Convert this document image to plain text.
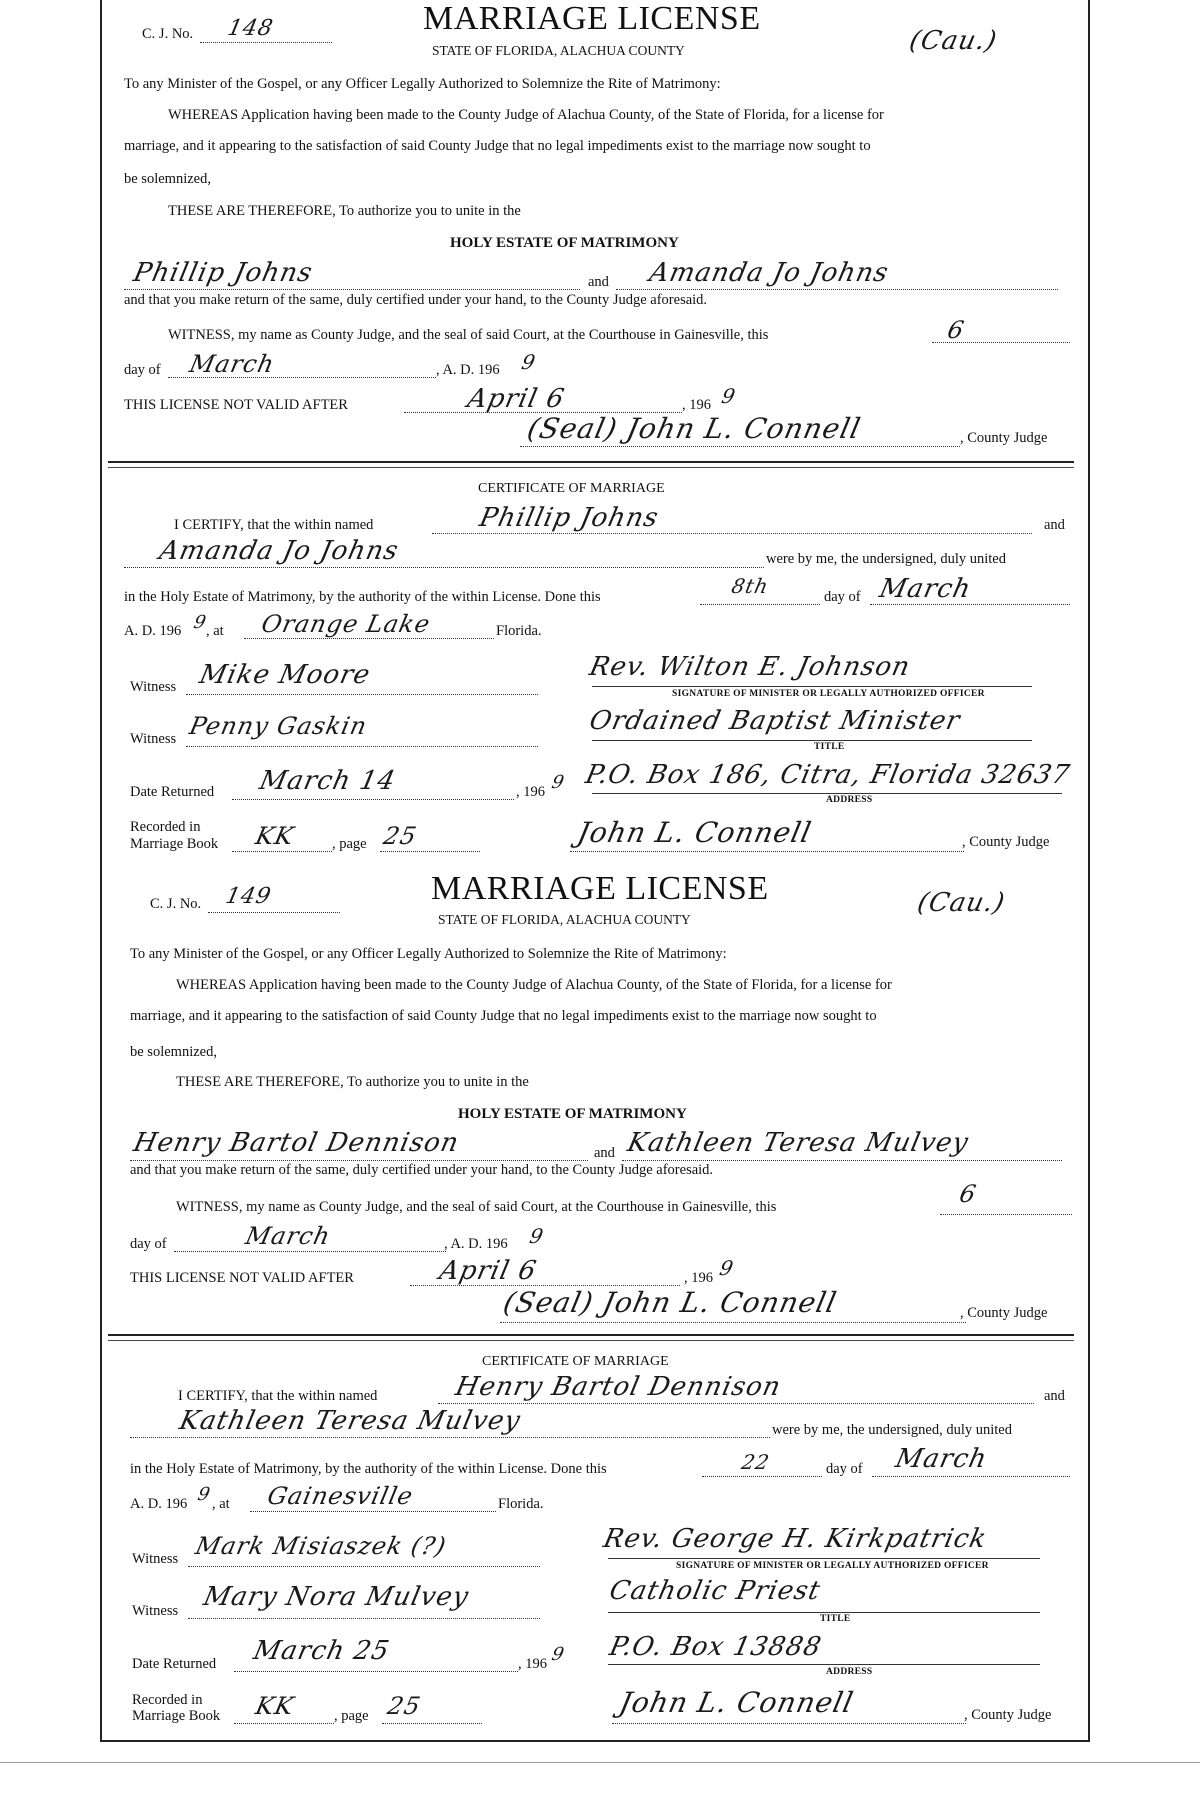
C. J. No. 148	MARRIAGE LICENSE
STATE OF FLORIDA, ALACHUA COUNTY	(Cau.)
To any Minister of the Gospel, or any Officer Legally Authorized to Solemnize the Rite of Matrimony:
WHEREAS Application having been made to the County Judge of Alachua County, of the State of Florida, for a license for
marriage, and it appearing to the satisfaction of said County Judge that no legal impediments exist to the marriage now sought to
be solemnized,
THESE ARE THEREFORE, To authorize you to unite in the
HOLY ESTATE OF MATRIMONY
Phillip Johns	and Amanda Jo Johns
and that you make return of the same, duly certified under your hand, to the County Judge aforesaid.
WITNESS, my name as County Judge, and the seal of said Court, at the Courthouse in Gainesville, this	6
day of March	, A. D. 196 9
THIS LICENSE NOT VALID AFTER	April 6	, 196 9
(Seal) John L. Connell	, County Judge
CERTIFICATE OF MARRIAGE
I CERTIFY, that the within named	Phillip Johns	and
Amanda Jo Johns	were by me, the undersigned, duly united
in the Holy Estate of Matrimony, by the authority of the within License. Done this	8th	day of March
A. D. 196 9
, at Orange Lake	Florida.
Witness Mike Moore	Rev. Wilton E. Johnson
SIGNATURE OF MINISTER OR LEGALLY AUTHORIZED OFFICER
Witness Penny Gaskin	Ordained Baptist Minister
TITLE
Date Returned March 14	, 196 9 P.O. Box 186, Citra, Florida 32637
ADDRESS
Recorded in
Marriage Book KK , page 25	John L. Connell	, County Judge
C. J. No. 149	MARRIAGE LICENSE
STATE OF FLORIDA, ALACHUA COUNTY
(Cau.)
To any Minister of the Gospel, or any Officer Legally Authorized to Solemnize the Rite of Matrimony:
WHEREAS Application having been made to the County Judge of Alachua County, of the State of Florida, for a license for
marriage, and it appearing to the satisfaction of said County Judge that no legal impediments exist to the marriage now sought to
be solemnized,
THESE ARE THEREFORE, To authorize you to unite in the
HOLY ESTATE OF MATRIMONY
Henry Bartol Dennison	and Kathleen Teresa Mulvey
and that you make return of the same, duly certified under your hand, to the County Judge aforesaid.
WITNESS, my name as County Judge, and the seal of said Court, at the Courthouse in Gainesville, this	6
day of	March	, A. D. 196 9
THIS LICENSE NOT VALID AFTER	April 6	, 196 9
(Seal) John L. Connell	, County Judge
CERTIFICATE OF MARRIAGE
I CERTIFY, that the within named	Henry Bartol Dennison	and
Kathleen Teresa Mulvey	were by me, the undersigned, duly united
in the Holy Estate of Matrimony, by the authority of the within License. Done this	22	day of March
A. D. 196 9 , at Gainesville	Florida.
Witness Mark Misiaszek (?)	Rev. George H. Kirkpatrick
SIGNATURE OF MINISTER OR LEGALLY AUTHORIZED OFFICER
Witness Mary Nora Mulvey	Catholic Priest
TITLE
Date Returned March 25	, 196 9 P.O. Box 13888
ADDRESS
Recorded in
Marriage Book KK	, page 25	John L. Connell	, County Judge
